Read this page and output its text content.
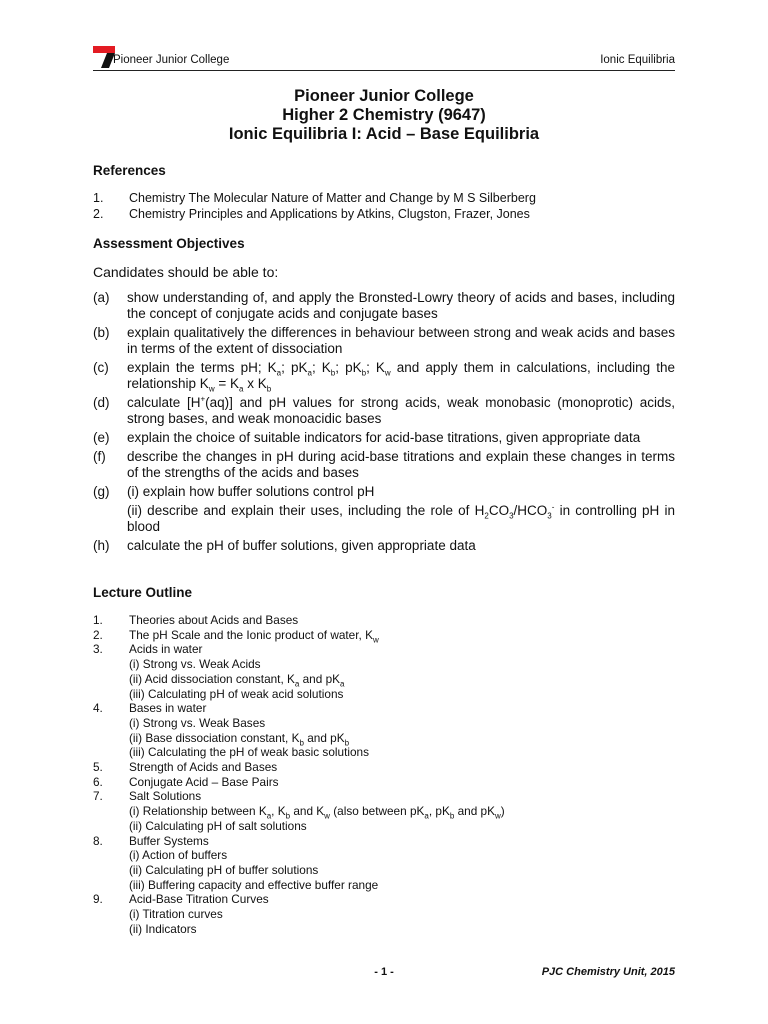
Pioneer Junior College	Ionic Equilibria
Pioneer Junior College
Higher 2 Chemistry (9647)
Ionic Equilibria I: Acid – Base Equilibria
References
1.	Chemistry The Molecular Nature of Matter and Change by M S Silberberg
2.	Chemistry Principles and Applications by Atkins, Clugston, Frazer, Jones
Assessment Objectives
Candidates should be able to:
(a)	show understanding of, and apply the Bronsted-Lowry theory of acids and bases, including the concept of conjugate acids and conjugate bases
(b)	explain qualitatively the differences in behaviour between strong and weak acids and bases in terms of the extent of dissociation
(c)	explain the terms pH; $K_a$; $pK_a$; $K_b$; $pK_b$; $K_w$ and apply them in calculations, including the relationship $K_w = K_a$ x $K_b$
(d)	calculate [H+(aq)] and pH values for strong acids, weak monobasic (monoprotic) acids, strong bases, and weak monoacidic bases
(e)	explain the choice of suitable indicators for acid-base titrations, given appropriate data
(f)	describe the changes in pH during acid-base titrations and explain these changes in terms of the strengths of the acids and bases
(g)	(i) explain how buffer solutions control pH

(ii) describe and explain their uses, including the role of $H_2CO_3/HCO_3^-$ in controlling pH in blood

(h)	calculate the pH of buffer solutions, given appropriate data
Lecture Outline
1.	Theories about Acids and Bases
2.	The pH Scale and the Ionic product of water, $K_w$
3.	Acids in water
(i) Strong vs. Weak Acids
(ii) Acid dissociation constant, $K_a$ and $pK_a$
(iii) Calculating pH of weak acid solutions
4.	Bases in water
(i) Strong vs. Weak Bases
(ii) Base dissociation constant, $K_b$ and $pK_b$
(iii) Calculating the pH of weak basic solutions
5.	Strength of Acids and Bases
6.	Conjugate Acid – Base Pairs
7.	Salt Solutions
(i) Relationship between $K_a$, $K_b$ and $K_w$ (also between $pK_a$, $pK_b$ and $pK_w$)
(ii) Calculating pH of salt solutions
8.	Buffer Systems
(i) Action of buffers
(ii) Calculating pH of buffer solutions
(iii) Buffering capacity and effective buffer range
9.	Acid-Base Titration Curves
(i) Titration curves
(ii) Indicators
- 1 -	PJC Chemistry Unit, 2015
